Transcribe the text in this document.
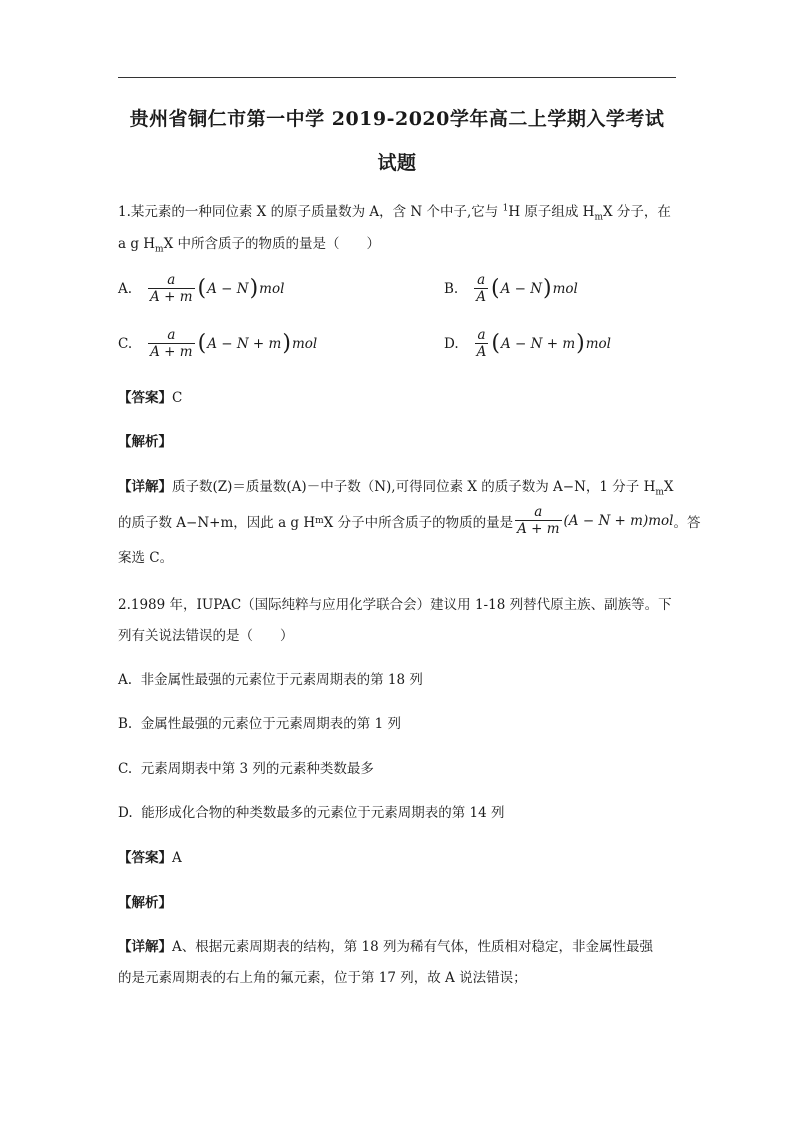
贵州省铜仁市第一中学 2019-2020学年高二上学期入学考试
试题
1.某元素的一种同位素 X 的原子质量数为 A，含 N 个中子,它与 $^1$H 原子组成 $H_mX$ 分子，在
a g $H_mX$ 中所含质子的物质的量是（　　）
A. $\frac{a}{A + m}$ ( A − N ) mol	B. $\frac{a}{A}$ ( A − N ) mol
C. $\frac{a}{A + m}$ ( A − N + m ) mol	D. $\frac{a}{A}$ ( A − N + m ) mol
【答案】C
【解析】
【详解】质子数(Z)＝质量数(A)－中子数（N),可得同位素 X 的质子数为 A−N，1 分子 $H_mX$
的质子数 A−N+m，因此 a g H m X 分子中所含质子的物质的量是 $\frac{a}{A + m} (A - N + m)mol$ 。答
案选 C。
2.1989 年，IUPAC（国际纯粹与应用化学联合会）建议用 1-18 列替代原主族、副族等。下
列有关说法错误的是（　　）
A. 非金属性最强的元素位于元素周期表的第 18 列
B. 金属性最强的元素位于元素周期表的第 1 列
C. 元素周期表中第 3 列的元素种类数最多
D. 能形成化合物的种类数最多的元素位于元素周期表的第 14 列
【答案】A
【解析】
【详解】A、根据元素周期表的结构，第 18 列为稀有气体，性质相对稳定，非金属性最强
的是元素周期表的右上角的氟元素，位于第 17 列，故 A 说法错误；
